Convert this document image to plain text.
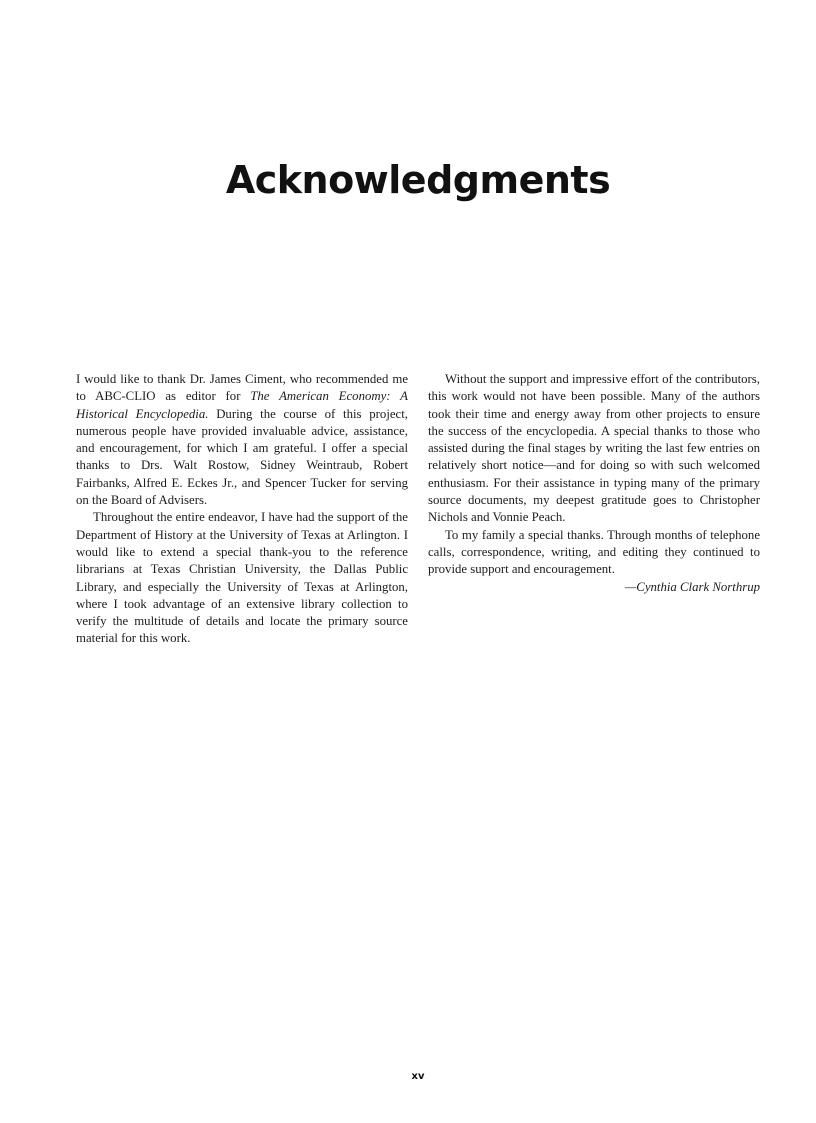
Acknowledgments

I would like to thank Dr. James Ciment, who recommended me to ABC-CLIO as editor for The American Economy: A Historical Encyclopedia. During the course of this project, numerous people have provided invaluable advice, assistance, and encouragement, for which I am grateful. I offer a special thanks to Drs. Walt Rostow, Sidney Weintraub, Robert Fairbanks, Alfred E. Eckes Jr., and Spencer Tucker for serving on the Board of Advisers.

Throughout the entire endeavor, I have had the support of the Department of History at the University of Texas at Arlington. I would like to extend a special thank-you to the reference librarians at Texas Christian University, the Dallas Public Library, and especially the University of Texas at Arlington, where I took advantage of an extensive library collection to verify the multitude of details and locate the primary source material for this work.

Without the support and impressive effort of the contributors, this work would not have been possible. Many of the authors took their time and energy away from other projects to ensure the success of the encyclopedia. A special thanks to those who assisted during the final stages by writing the last few entries on relatively short notice—and for doing so with such welcomed enthusiasm. For their assistance in typing many of the primary source documents, my deepest gratitude goes to Christopher Nichols and Vonnie Peach.

To my family a special thanks. Through months of telephone calls, correspondence, writing, and editing they continued to provide support and encouragement.

—Cynthia Clark Northrup

xv
